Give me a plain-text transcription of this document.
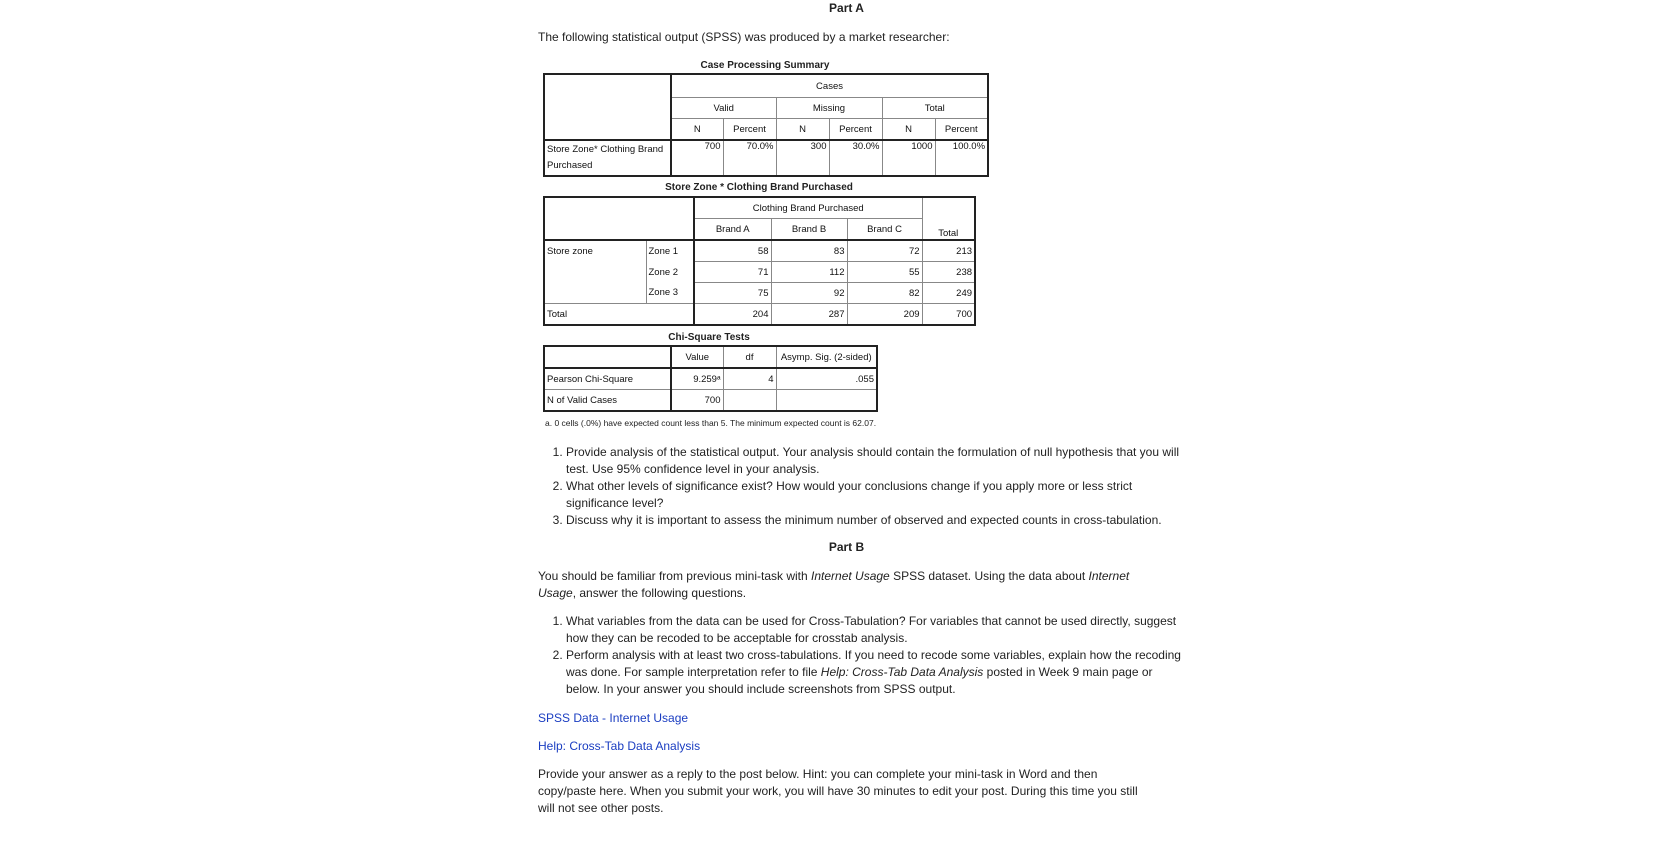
Part A

The following statistical output (SPSS) was produced by a market researcher:

Case Processing Summary
	Cases					
	Valid		Missing		Total	
	N	Percent	N	Percent	N	Percent
Store Zone* Clothing Brand Purchased	700	70.0%	300	30.0%	1000	100.0%
Store Zone * Clothing Brand Purchased
		Clothing Brand Purchased			Total
		Brand A	Brand B	Brand C	
Store zone	Zone 1	58	83	72	213
	Zone 2	71	112	55	238
	Zone 3	75	92	82	249
Total		204	287	209	700
Chi-Square Tests
	Value	df	Asymp. Sig. (2-sided)
Pearson Chi-Square	9.259ᵃ	4	.055
N of Valid Cases	700		
a. 0 cells (.0%) have expected count less than 5. The minimum expected count is 62.07.
1. Provide analysis of the statistical output. Your analysis should contain the formulation of null hypothesis that you will test. Use 95% confidence level in your analysis.
2. What other levels of significance exist? How would your conclusions change if you apply more or less strict significance level?
3. Discuss why it is important to assess the minimum number of observed and expected counts in cross-tabulation.
Part B

You should be familiar from previous mini-task with Internet Usage SPSS dataset. Using the data about Internet Usage, answer the following questions.

1. What variables from the data can be used for Cross-Tabulation? For variables that cannot be used directly, suggest how they can be recoded to be acceptable for crosstab analysis.
2. Perform analysis with at least two cross-tabulations. If you need to recode some variables, explain how the recoding was done. For sample interpretation refer to file Help: Cross-Tab Data Analysis posted in Week 9 main page or below. In your answer you should include screenshots from SPSS output.
SPSS Data - Internet Usage
Help: Cross-Tab Data Analysis

Provide your answer as a reply to the post below. Hint: you can complete your mini-task in Word and then copy/paste here. When you submit your work, you will have 30 minutes to edit your post. During this time you still will not see other posts.
